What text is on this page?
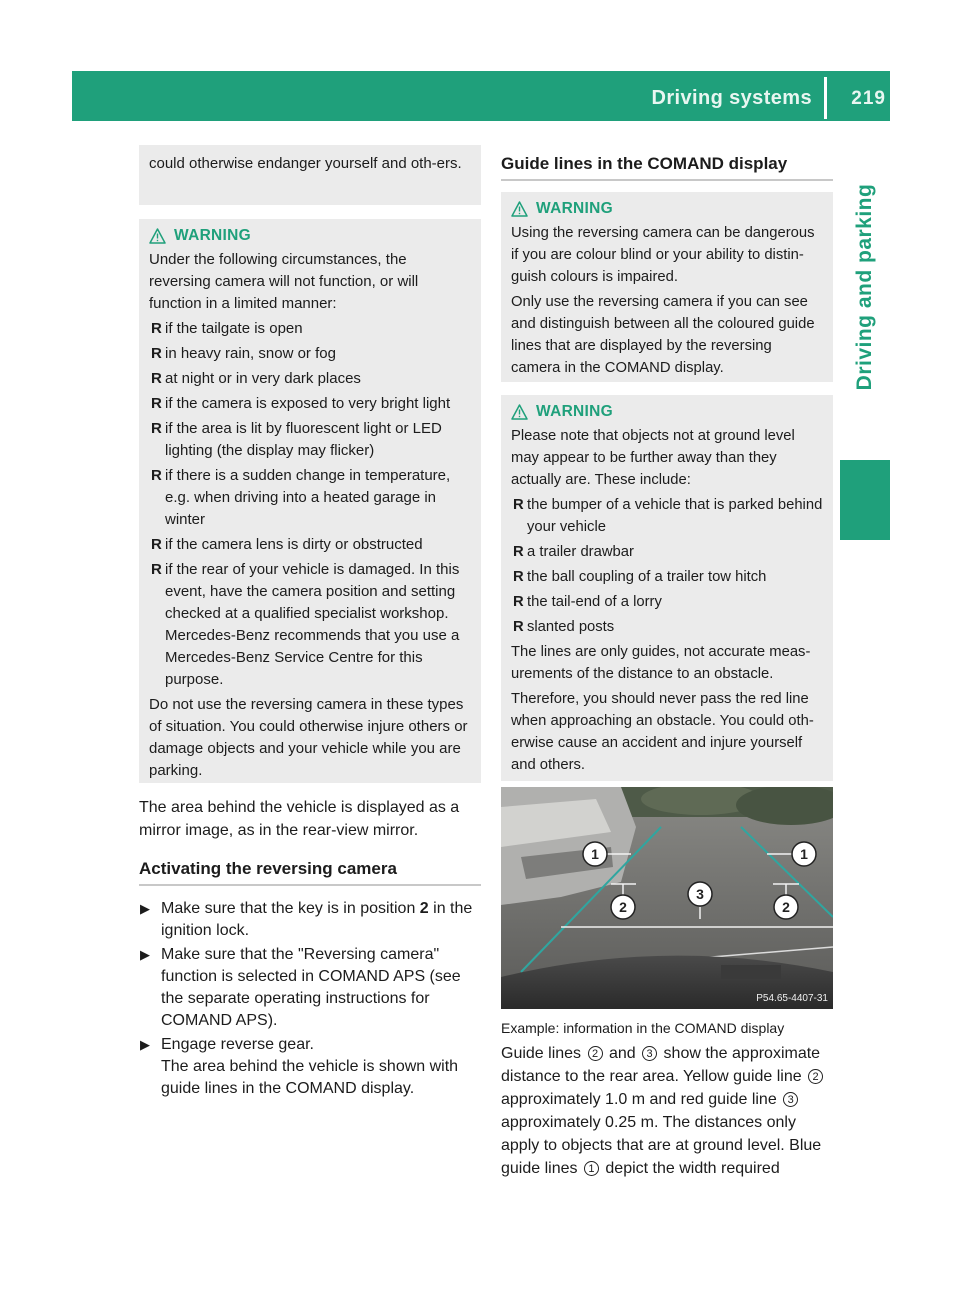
Driving systems 219
Driving and parking
could otherwise endanger yourself and oth-ers.
WARNING
Under the following circumstances, the reversing camera will not function, or will function in a limited manner:
R if the tailgate is open
R in heavy rain, snow or fog
R at night or in very dark places
R if the camera is exposed to very bright light
R if the area is lit by fluorescent light or LED lighting (the display may flicker)
R if there is a sudden change in temperature, e.g. when driving into a heated garage in winter
R if the camera lens is dirty or obstructed
R if the rear of your vehicle is damaged. In this event, have the camera position and setting checked at a qualified specialist workshop. Mercedes-Benz recommends that you use a Mercedes-Benz Service Centre for this purpose.
Do not use the reversing camera in these types of situation. You could otherwise injure others or damage objects and your vehicle while you are parking.
The area behind the vehicle is displayed as a mirror image, as in the rear-view mirror.
Activating the reversing camera
▶ Make sure that the key is in position 2 in the ignition lock.
▶ Make sure that the "Reversing camera" function is selected in COMAND APS (see the separate operating instructions for COMAND APS).
▶ Engage reverse gear.
The area behind the vehicle is shown with guide lines in the COMAND display.
Guide lines in the COMAND display
WARNING
Using the reversing camera can be dangerous if you are colour blind or your ability to distin-guish colours is impaired.
Only use the reversing camera if you can see and distinguish between all the coloured guide lines that are displayed by the reversing camera in the COMAND display.
WARNING
Please note that objects not at ground level may appear to be further away than they actually are. These include:
R the bumper of a vehicle that is parked behind your vehicle
R a trailer drawbar
R the ball coupling of a trailer tow hitch
R the tail-end of a lorry
R slanted posts
The lines are only guides, not accurate meas-urements of the distance to an obstacle.
Therefore, you should never pass the red line when approaching an obstacle. You could oth-erwise cause an accident and injure yourself and others.
1	1
2
3
2
P54.65-4407-31
Example: information in the COMAND display
Guide lines 2 and 3 show the approximate distance to the rear area. Yellow guide line 2 approximately 1.0 m and red guide line 3 approximately 0.25 m. The distances only apply to objects that are at ground level. Blue guide lines 1 depict the width required
